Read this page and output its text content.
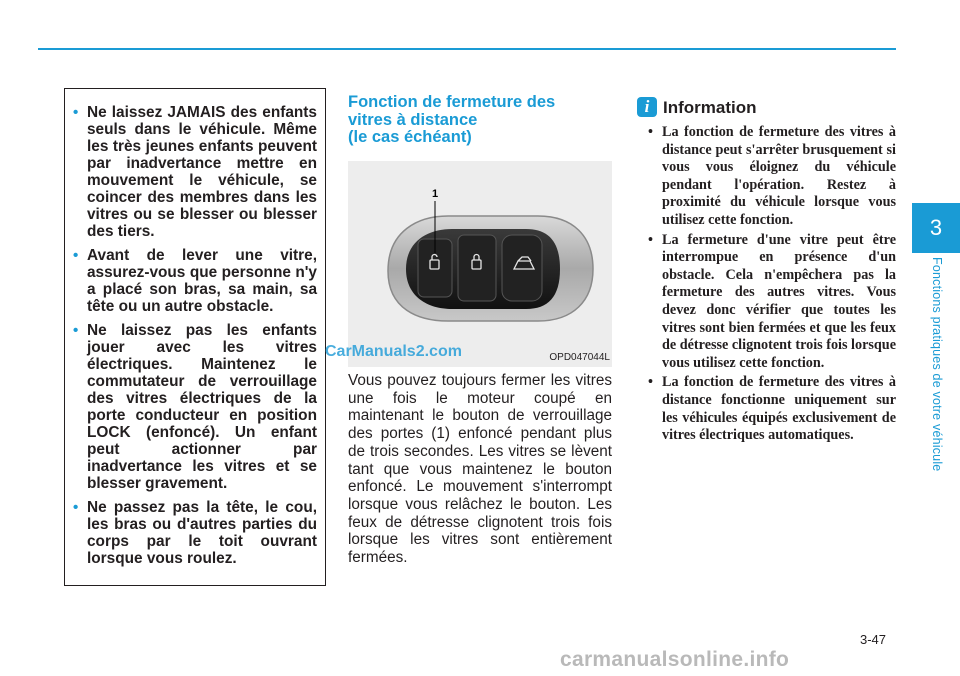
• Ne laissez JAMAIS des enfants seuls dans le véhicule. Même les très jeunes enfants peuvent par inadvertance mettre en mouvement le véhicule, se coincer des membres dans les vitres ou se blesser ou blesser des tiers.
• Avant de lever une vitre, assurez-vous que personne n'y a placé son bras, sa main, sa tête ou un autre obstacle.
• Ne laissez pas les enfants jouer avec les vitres électriques. Maintenez le commutateur de verrouillage des vitres électriques de la porte conducteur en position LOCK (enfoncé). Un enfant peut actionner par inadvertance les vitres et se blesser gravement.
• Ne passez pas la tête, le cou, les bras ou d'autres parties du corps par le toit ouvrant lorsque vous roulez.
Fonction de fermeture des
vitres à distance
(le cas échéant)
1
OPD047044L
CarManuals2.com
Vous pouvez toujours fermer les vitres une fois le moteur coupé en maintenant le bouton de verrouillage des portes (1) enfoncé pendant plus de trois secondes. Les vitres se lèvent tant que vous maintenez le bouton enfoncé. Le mouvement s'interrompt lorsque vous relâchez le bouton. Les feux de détresse clignotent trois fois lorsque les vitres sont entièrement fermées.
i Information
• La fonction de fermeture des vitres à distance peut s'arrêter brusquement si vous vous éloignez du véhicule pendant l'opération. Restez à proximité du véhicule lorsque vous utilisez cette fonction.
• La fermeture d'une vitre peut être interrompue en présence d'un obstacle. Cela n'empêchera pas la fermeture des autres vitres. Vous devez donc vérifier que toutes les vitres sont bien fermées et que les feux de détresse clignotent trois fois lorsque vous utilisez cette fonction.
• La fonction de fermeture des vitres à distance fonctionne uniquement sur les véhicules équipés exclusivement de vitres électriques automatiques.
3
Fonctions pratiques de votre véhicule
3-47
carmanualsonline.info
